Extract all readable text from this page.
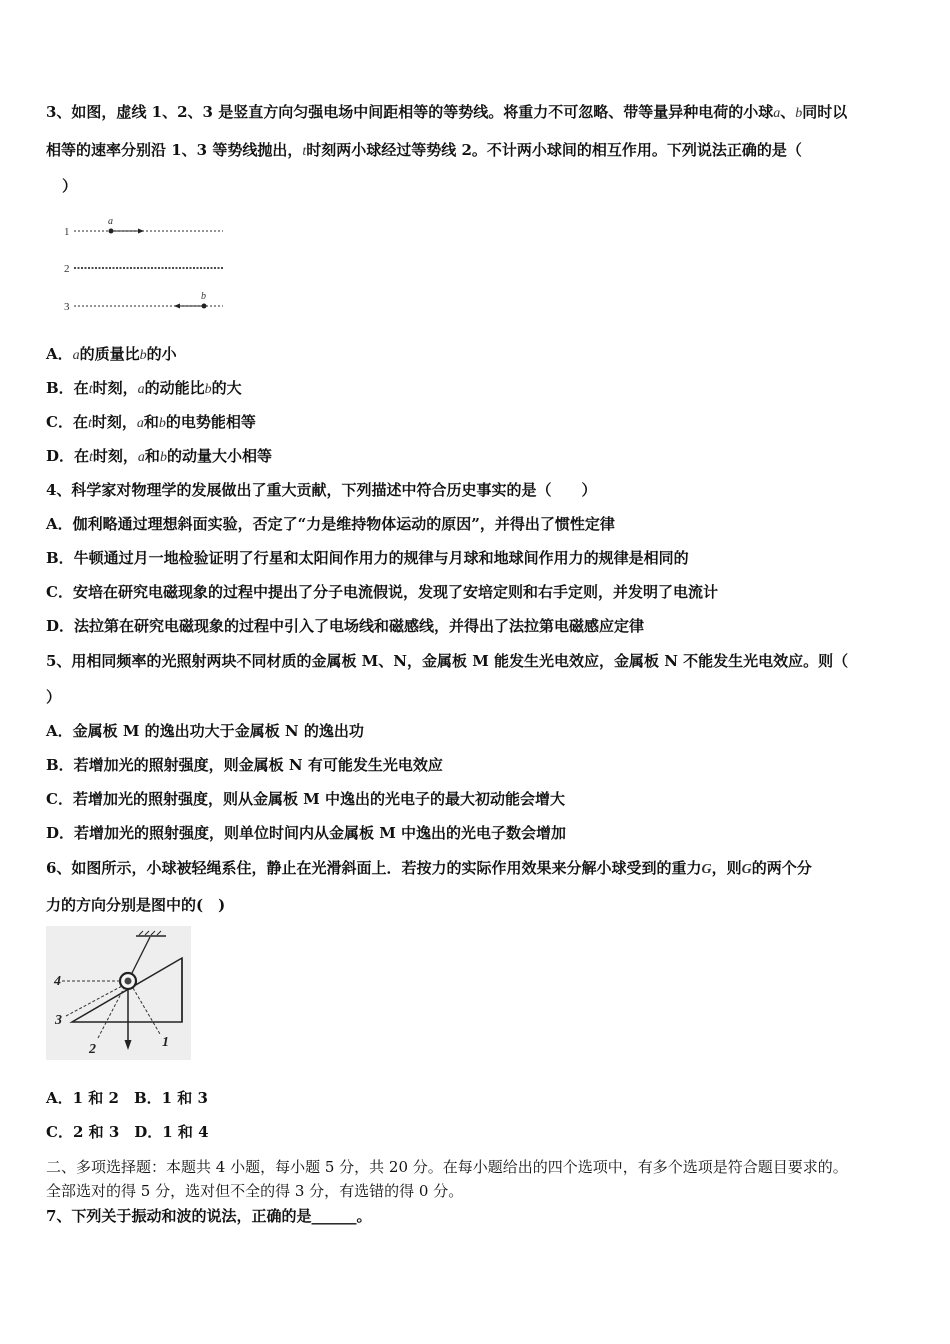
3、如图，虚线 1、2、3 是竖直方向匀强电场中间距相等的等势线。将重力不可忽略、带等量异种电荷的小球a、b同时以
相等的速率分别沿 1、3 等势线抛出，t时刻两小球经过等势线 2。不计两小球间的相互作用。下列说法正确的是（
）
1
a
2
3
b
A．a的质量比b的小
B．在t时刻，a的动能比b的大
C．在t时刻，a和b的电势能相等
D．在t时刻，a和b的动量大小相等
4、科学家对物理学的发展做出了重大贡献，下列描述中符合历史事实的是（　　）
A．伽利略通过理想斜面实验，否定了“力是维持物体运动的原因”，并得出了惯性定律
B．牛顿通过月一地检验证明了行星和太阳间作用力的规律与月球和地球间作用力的规律是相同的
C．安培在研究电磁现象的过程中提出了分子电流假说，发现了安培定则和右手定则，并发明了电流计
D．法拉第在研究电磁现象的过程中引入了电场线和磁感线，并得出了法拉第电磁感应定律
5、用相同频率的光照射两块不同材质的金属板 M、N，金属板 M 能发生光电效应，金属板 N 不能发生光电效应。则（
）
A．金属板 M 的逸出功大于金属板 N 的逸出功
B．若增加光的照射强度，则金属板 N 有可能发生光电效应
C．若增加光的照射强度，则从金属板 M 中逸出的光电子的最大初动能会增大
D．若增加光的照射强度，则单位时间内从金属板 M 中逸出的光电子数会增加
6、如图所示，小球被轻绳系住，静止在光滑斜面上．若按力的实际作用效果来分解小球受到的重力G，则G的两个分
力的方向分别是图中的(　)
4
3
2	1
A．1 和 2　B．1 和 3
C．2 和 3　D．1 和 4
二、多项选择题：本题共 4 小题，每小题 5 分，共 20 分。在每小题给出的四个选项中，有多个选项是符合题目要求的。
全部选对的得 5 分，选对但不全的得 3 分，有选错的得 0 分。
7、下列关于振动和波的说法，正确的是______。
